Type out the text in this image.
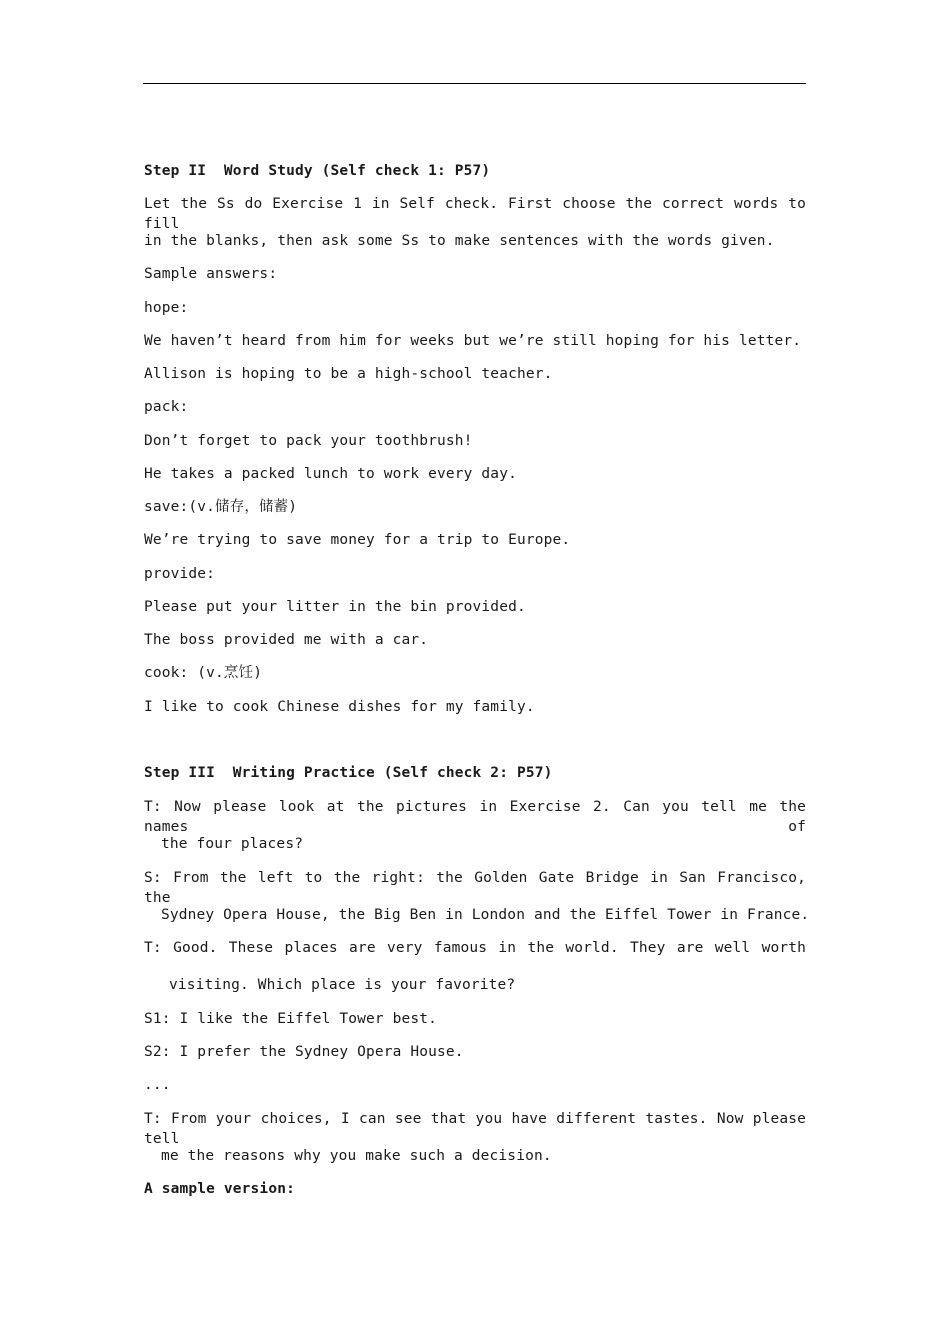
Step II  Word Study (Self check 1: P57)
Let the Ss do Exercise 1 in Self check. First choose the correct words to fill
in the blanks, then ask some Ss to make sentences with the words given.
Sample answers:
hope:
We haven’t heard from him for weeks but we’re still hoping for his letter.
Allison is hoping to be a high-school teacher.
pack:
Don’t forget to pack your toothbrush!
He takes a packed lunch to work every day.
save:(v.储存，储蓄)
We’re trying to save money for a trip to Europe.
provide:
Please put your litter in the bin provided.
The boss provided me with a car.
cook: (v.烹饪)
I like to cook Chinese dishes for my family.
Step III  Writing Practice (Self check 2: P57)
T: Now please look at the pictures in Exercise 2. Can you tell me the names of
the four places?
S: From the left to the right: the Golden Gate Bridge in San Francisco, the
Sydney Opera House, the Big Ben in London and the Eiffel Tower in France.
T: Good. These places are very famous in the world. They are well worth
visiting. Which place is your favorite?
S1: I like the Eiffel Tower best.
S2: I prefer the Sydney Opera House.
...
T: From your choices, I can see that you have different tastes. Now please tell
me the reasons why you make such a decision.
A sample version:
